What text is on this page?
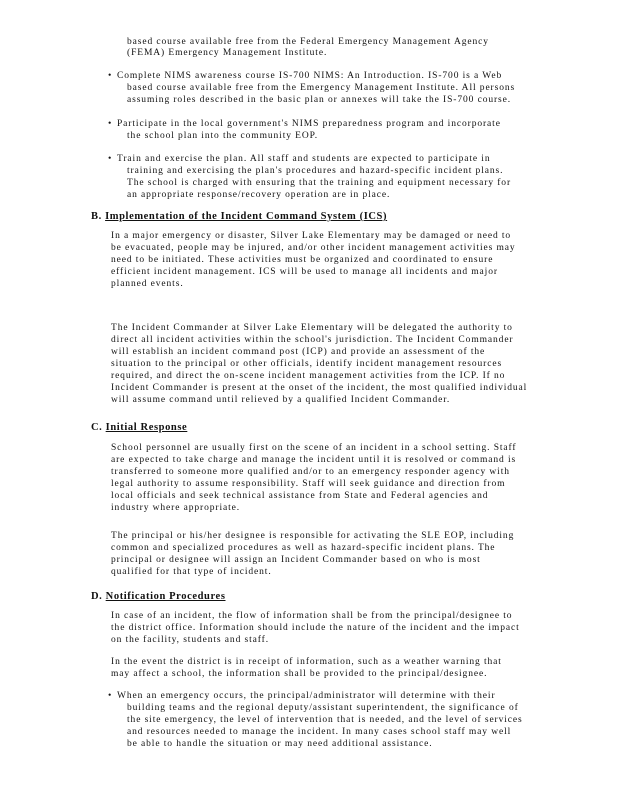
based course available free from the Federal Emergency Management Agency
(FEMA) Emergency Management Institute.
• Complete NIMS awareness course IS-700 NIMS: An Introduction. IS-700 is a Web
based course available free from the Emergency Management Institute. All persons
assuming roles described in the basic plan or annexes will take the IS-700 course.
• Participate in the local government's NIMS preparedness program and incorporate
the school plan into the community EOP.
• Train and exercise the plan. All staff and students are expected to participate in
training and exercising the plan's procedures and hazard-specific incident plans.
The school is charged with ensuring that the training and equipment necessary for
an appropriate response/recovery operation are in place.
B. Implementation of the Incident Command System (ICS)
In a major emergency or disaster, Silver Lake Elementary may be damaged or need to
be evacuated, people may be injured, and/or other incident management activities may
need to be initiated. These activities must be organized and coordinated to ensure
efficient incident management. ICS will be used to manage all incidents and major
planned events.
The Incident Commander at Silver Lake Elementary will be delegated the authority to
direct all incident activities within the school's jurisdiction. The Incident Commander
will establish an incident command post (ICP) and provide an assessment of the
situation to the principal or other officials, identify incident management resources
required, and direct the on-scene incident management activities from the ICP. If no
Incident Commander is present at the onset of the incident, the most qualified individual
will assume command until relieved by a qualified Incident Commander.
C. Initial Response
School personnel are usually first on the scene of an incident in a school setting. Staff
are expected to take charge and manage the incident until it is resolved or command is
transferred to someone more qualified and/or to an emergency responder agency with
legal authority to assume responsibility. Staff will seek guidance and direction from
local officials and seek technical assistance from State and Federal agencies and
industry where appropriate.
The principal or his/her designee is responsible for activating the SLE EOP, including
common and specialized procedures as well as hazard-specific incident plans. The
principal or designee will assign an Incident Commander based on who is most
qualified for that type of incident.
D. Notification Procedures
In case of an incident, the flow of information shall be from the principal/designee to
the district office. Information should include the nature of the incident and the impact
on the facility, students and staff.
In the event the district is in receipt of information, such as a weather warning that
may affect a school, the information shall be provided to the principal/designee.
• When an emergency occurs, the principal/administrator will determine with their
building teams and the regional deputy/assistant superintendent, the significance of
the site emergency, the level of intervention that is needed, and the level of services
and resources needed to manage the incident. In many cases school staff may well
be able to handle the situation or may need additional assistance.
